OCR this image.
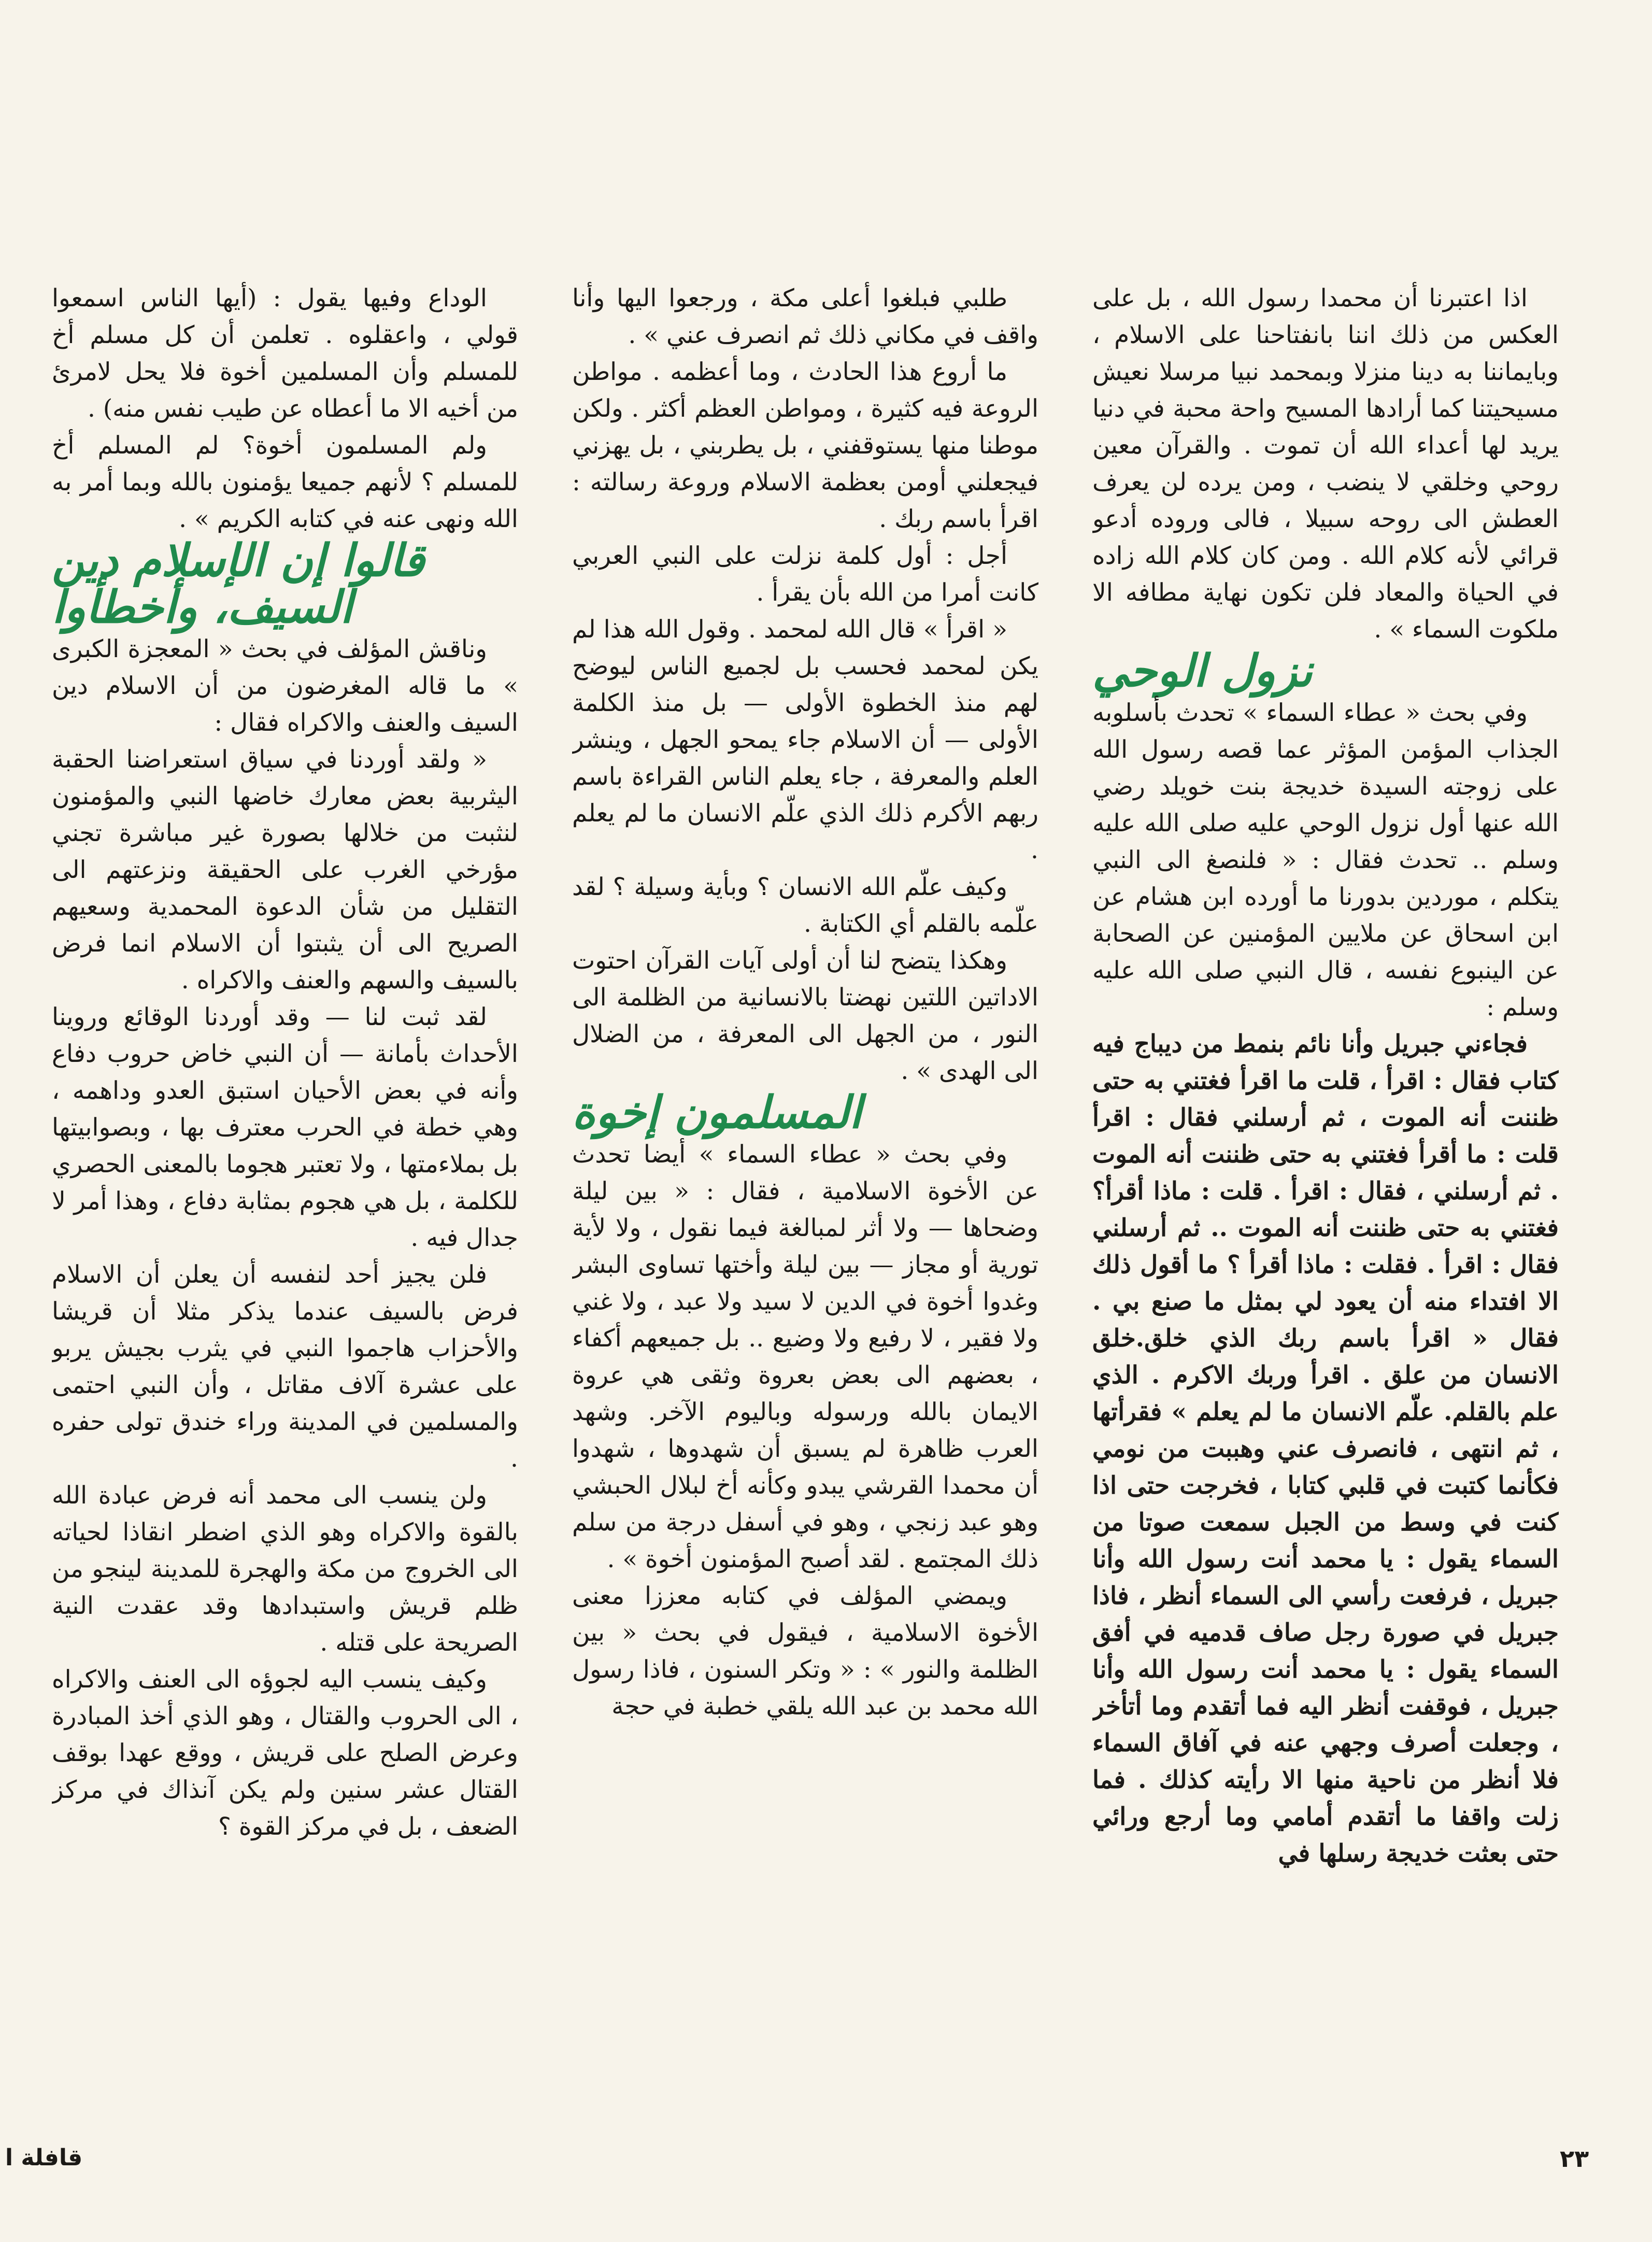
اذا اعتبرنا أن محمدا رسول الله ، بل على العكس من ذلك اننا بانفتاحنا على الاسلام ، وبايماننا به دينا منزلا وبمحمد نبيا مرسلا نعيش مسيحيتنا كما أرادها المسيح واحة محبة في دنيا يريد لها أعداء الله أن تموت . والقرآن معين روحي وخلقي لا ينضب ، ومن يرده لن يعرف العطش الى روحه سبيلا ، فالى وروده أدعو قرائي لأنه كلام الله . ومن كان كلام الله زاده في الحياة والمعاد فلن تكون نهاية مطافه الا ملكوت السماء » .

نزول الوحي

وفي بحث « عطاء السماء » تحدث بأسلوبه الجذاب المؤمن المؤثر عما قصه رسول الله على زوجته السيدة خديجة بنت خويلد رضي الله عنها أول نزول الوحي عليه صلى الله عليه وسلم .. تحدث فقال : « فلنصغ الى النبي يتكلم ، موردين بدورنا ما أورده ابن هشام عن ابن اسحاق عن ملايين المؤمنين عن الصحابة عن الينبوع نفسه ، قال النبي صلى الله عليه وسلم :

فجاءني جبريل وأنا نائم بنمط من ديباج فيه كتاب فقال : اقرأ ، قلت ما اقرأ فغتني به حتى ظننت أنه الموت ، ثم أرسلني فقال : اقرأ قلت : ما أقرأ فغتني به حتى ظننت أنه الموت . ثم أرسلني ، فقال : اقرأ . قلت : ماذا أقرأ؟ فغتني به حتى ظننت أنه الموت .. ثم أرسلني فقال : اقرأ . فقلت : ماذا أقرأ ؟ ما أقول ذلك الا افتداء منه أن يعود لي بمثل ما صنع بي . فقال « اقرأ باسم ربك الذي خلق.خلق الانسان من علق . اقرأ وربك الاكرم . الذي علم بالقلم. علّم الانسان ما لم يعلم » فقرأتها ، ثم انتهى ، فانصرف عني وهببت من نومي فكأنما كتبت في قلبي كتابا ، فخرجت حتى اذا كنت في وسط من الجبل سمعت صوتا من السماء يقول : يا محمد أنت رسول الله وأنا جبريل ، فرفعت رأسي الى السماء أنظر ، فاذا جبريل في صورة رجل صاف قدميه في أفق السماء يقول : يا محمد أنت رسول الله وأنا جبريل ، فوقفت أنظر اليه فما أتقدم وما أتأخر ، وجعلت أصرف وجهي عنه في آفاق السماء فلا أنظر من ناحية منها الا رأيته كذلك . فما زلت واقفا ما أتقدم أمامي وما أرجع ورائي حتى بعثت خديجة رسلها في

طلبي فبلغوا أعلى مكة ، ورجعوا اليها وأنا واقف في مكاني ذلك ثم انصرف عني » .

ما أروع هذا الحادث ، وما أعظمه . مواطن الروعة فيه كثيرة ، ومواطن العظم أكثر . ولكن موطنا منها يستوقفني ، بل يطربني ، بل يهزني فيجعلني أومن بعظمة الاسلام وروعة رسالته : اقرأ باسم ربك .

أجل : أول كلمة نزلت على النبي العربي كانت أمرا من الله بأن يقرأ .

« اقرأ » قال الله لمحمد . وقول الله هذا لم يكن لمحمد فحسب بل لجميع الناس ليوضح لهم منذ الخطوة الأولى — بل منذ الكلمة الأولى — أن الاسلام جاء يمحو الجهل ، وينشر العلم والمعرفة ، جاء يعلم الناس القراءة باسم ربهم الأكرم ذلك الذي علّم الانسان ما لم يعلم .

وكيف علّم الله الانسان ؟ وبأية وسيلة ؟ لقد علّمه بالقلم أي الكتابة .

وهكذا يتضح لنا أن أولى آيات القرآن احتوت الاداتين اللتين نهضتا بالانسانية من الظلمة الى النور ، من الجهل الى المعرفة ، من الضلال الى الهدى » .

المسلمون إخوة

وفي بحث « عطاء السماء » أيضا تحدث عن الأخوة الاسلامية ، فقال : « بين ليلة وضحاها — ولا أثر لمبالغة فيما نقول ، ولا لأية تورية أو مجاز — بين ليلة وأختها تساوى البشر وغدوا أخوة في الدين لا سيد ولا عبد ، ولا غني ولا فقير ، لا رفيع ولا وضيع .. بل جميعهم أكفاء ، بعضهم الى بعض بعروة وثقى هي عروة الايمان بالله ورسوله وباليوم الآخر. وشهد العرب ظاهرة لم يسبق أن شهدوها ، شهدوا أن محمدا القرشي يبدو وكأنه أخ لبلال الحبشي وهو عبد زنجي ، وهو في أسفل درجة من سلم ذلك المجتمع . لقد أصبح المؤمنون أخوة » .

ويمضي المؤلف في كتابه معززا معنى الأخوة الاسلامية ، فيقول في بحث « بين الظلمة والنور » : « وتكر السنون ، فاذا رسول الله محمد بن عبد الله يلقي خطبة في حجة

الوداع وفيها يقول : (أيها الناس اسمعوا قولي ، واعقلوه . تعلمن أن كل مسلم أخ للمسلم وأن المسلمين أخوة فلا يحل لامرئ من أخيه الا ما أعطاه عن طيب نفس منه) .

ولم المسلمون أخوة؟ لم المسلم أخ للمسلم ؟ لأنهم جميعا يؤمنون بالله وبما أمر به الله ونهى عنه في كتابه الكريم » .

قالوا إن الإسلام دين السيف، وأخطأوا

وناقش المؤلف في بحث « المعجزة الكبرى » ما قاله المغرضون من أن الاسلام دين السيف والعنف والاكراه فقال :

« ولقد أوردنا في سياق استعراضنا الحقبة اليثربية بعض معارك خاضها النبي والمؤمنون لنثبت من خلالها بصورة غير مباشرة تجني مؤرخي الغرب على الحقيقة ونزعتهم الى التقليل من شأن الدعوة المحمدية وسعيهم الصريح الى أن يثبتوا أن الاسلام انما فرض بالسيف والسهم والعنف والاكراه .

لقد ثبت لنا — وقد أوردنا الوقائع وروينا الأحداث بأمانة — أن النبي خاض حروب دفاع وأنه في بعض الأحيان استبق العدو وداهمه ، وهي خطة في الحرب معترف بها ، وبصوابيتها بل بملاءمتها ، ولا تعتبر هجوما بالمعنى الحصري للكلمة ، بل هي هجوم بمثابة دفاع ، وهذا أمر لا جدال فيه .

فلن يجيز أحد لنفسه أن يعلن أن الاسلام فرض بالسيف عندما يذكر مثلا أن قريشا والأحزاب هاجموا النبي في يثرب بجيش يربو على عشرة آلاف مقاتل ، وأن النبي احتمى والمسلمين في المدينة وراء خندق تولى حفره .

ولن ينسب الى محمد أنه فرض عبادة الله بالقوة والاكراه وهو الذي اضطر انقاذا لحياته الى الخروج من مكة والهجرة للمدينة لينجو من ظلم قريش واستبدادها وقد عقدت النية الصريحة على قتله .

وكيف ينسب اليه لجوؤه الى العنف والاكراه ، الى الحروب والقتال ، وهو الذي أخذ المبادرة وعرض الصلح على قريش ، ووقع عهدا بوقف القتال عشر سنين ولم يكن آنذاك في مركز الضعف ، بل في مركز القوة ؟

٢٣
قافلة ا
